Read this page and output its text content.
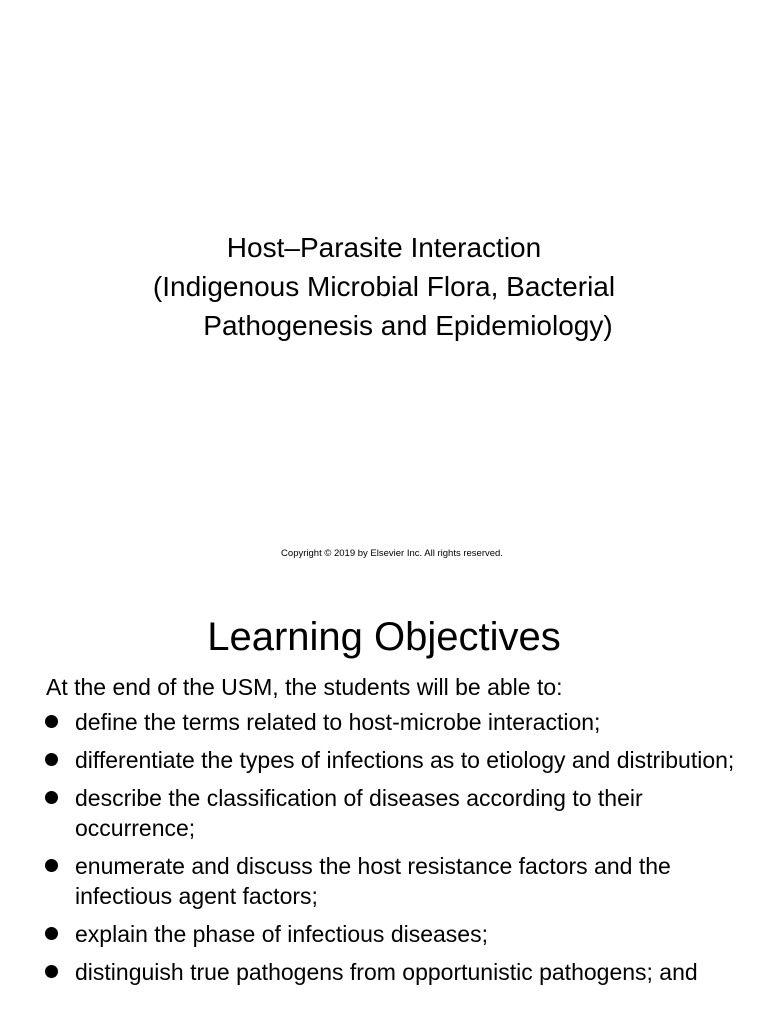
Host–Parasite Interaction
(Indigenous Microbial Flora, Bacterial
Pathogenesis and Epidemiology)
Copyright © 2019 by Elsevier Inc. All rights reserved.
Learning Objectives
At the end of the USM, the students will be able to:
define the terms related to host-microbe interaction;
differentiate the types of infections as to etiology and distribution;
describe the classification of diseases according to their occurrence;
enumerate and discuss the host resistance factors and the infectious agent factors;
explain the phase of infectious diseases;
distinguish true pathogens from opportunistic pathogens; and
